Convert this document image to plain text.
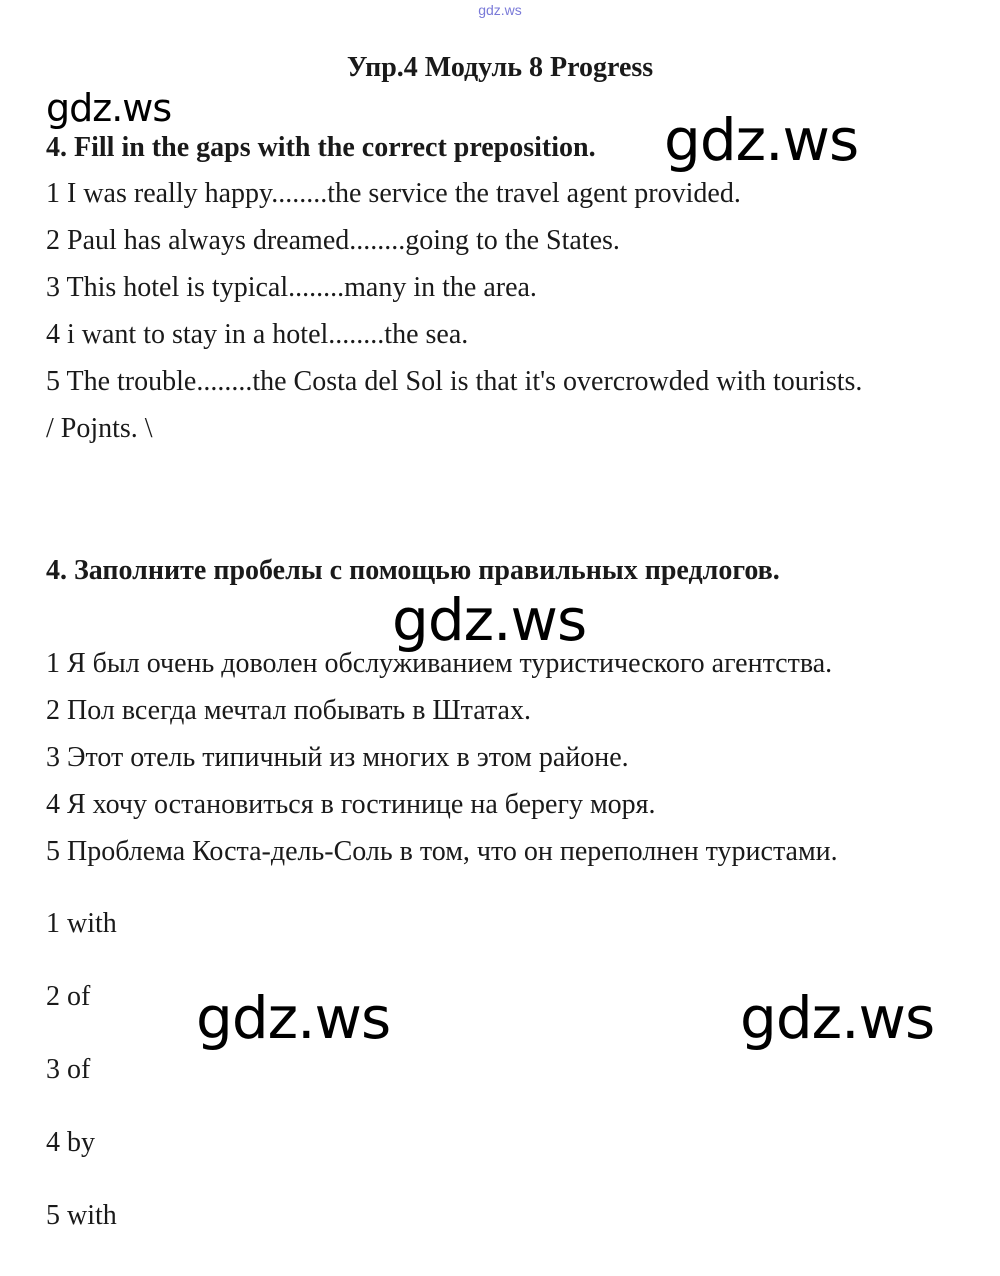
gdz.ws
Упр.4 Модуль 8 Progress
gdz.ws
4. Fill in the gaps with the correct preposition. gdz.ws
1 I was really happy........the service the travel agent provided.
2 Paul has always dreamed........going to the States.
3 This hotel is typical........many in the area.
4 i want to stay in a hotel........the sea.
5 The trouble........the Costa del Sol is that it's overcrowded with tourists.
/ Pojnts. \
4. Заполните пробелы с помощью правильных предлогов.
gdz.ws
1 Я был очень доволен обслуживанием туристического агентства.
2 Пол всегда мечтал побывать в Штатах.
3 Этот отель типичный из многих в этом районе.
4 Я хочу остановиться в гостинице на берегу моря.
5 Проблема Коста-дель-Соль в том, что он переполнен туристами.
1 with
2 of
3 of
4 by
5 with
gdz.ws	gdz.ws
